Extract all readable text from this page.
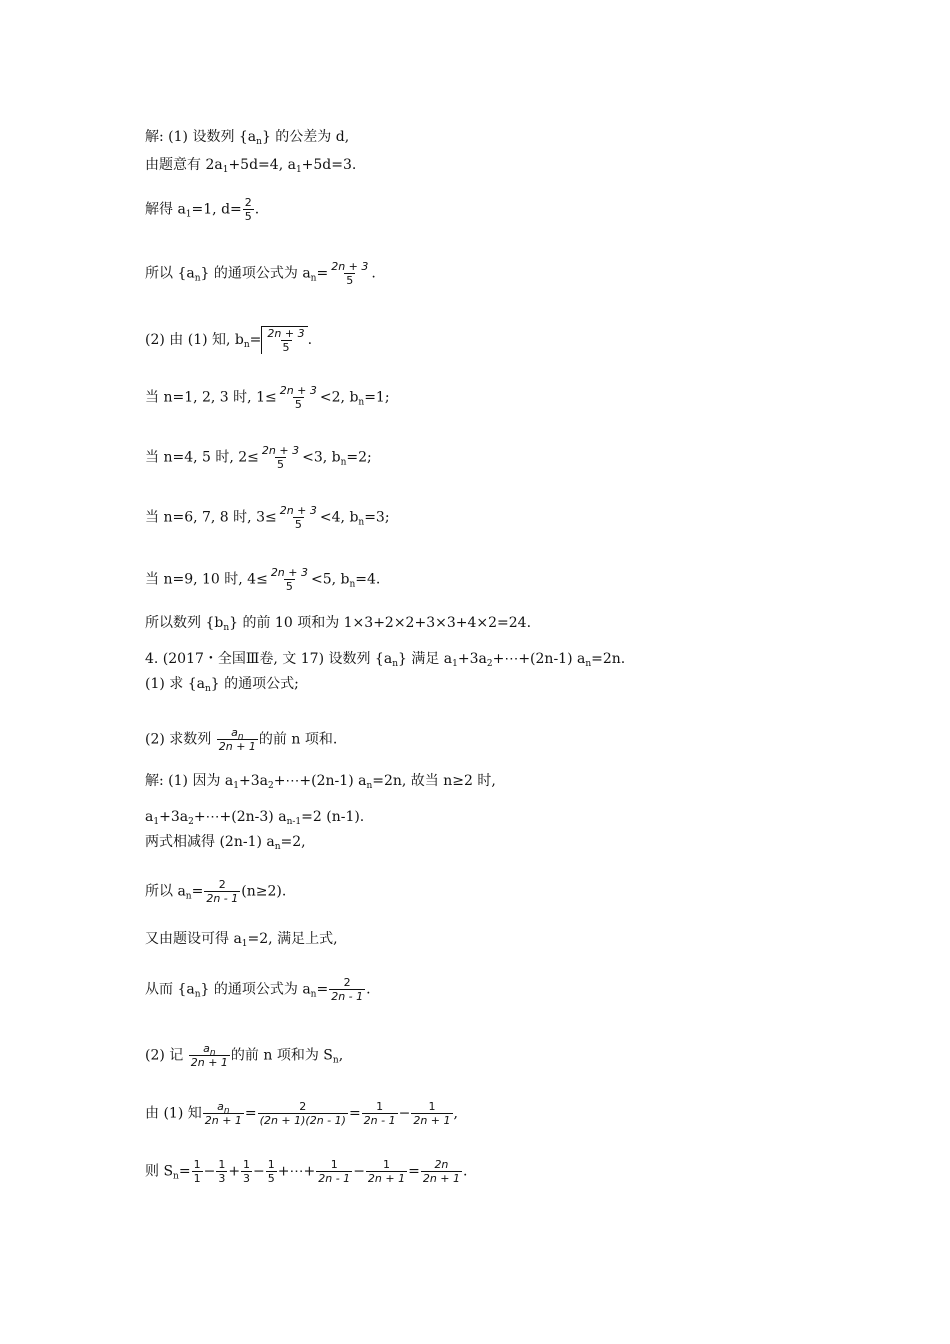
解: (1) 设数列 $\{a_n\}$ 的公差为 d,
由题意有 $2a_1+5d=4$, $a_1+5d=3$.
解得 $a_1=1$, $d= \frac{2}{5}$ .
所以 $\{a_n\}$ 的通项公式为 $a_n= \frac{2n + 3}{5}$ .
(2) 由 (1) 知, $b_n= \frac{2n + 3}{5}$ .
当 n=1, 2, 3 时, $1\le \frac{2n + 3}{5} <2$, $b_n=1$;
当 n=4, 5 时, $2\le \frac{2n + 3}{5} <3$, $b_n=2$;
当 n=6, 7, 8 时, $3\le \frac{2n + 3}{5} <4$, $b_n=3$;
当 n=9, 10 时, $4\le \frac{2n + 3}{5} <5$, $b_n=4$.
所以数列 $\{b_n\}$ 的前 10 项和为 1×3+2×2+3×3+4×2=24.
4. (2017・全国Ⅲ卷, 文 17) 设数列 $\{a_n\}$ 满足 $a_1+3a_2+\cdots+(2n-1)$ $a_n=2n$.
(1) 求 $\{a_n\}$ 的通项公式;
(2) 求数列 $\frac{a_n}{2n + 1}$ 的前 n 项和.
解: (1) 因为 $a_1+3a_2+\cdots+(2n-1)$ $a_n=2n$, 故当 n≥2 时,
$a_1+3a_2+\cdots+(2n-3)$ $a_{n-1}=2$ (n-1).
两式相减得 (2n-1) $a_n=2$,
所以 $a_n= \frac{2}{2n - 1} (n\ge 2)$.
又由题设可得 $a_1=2$, 满足上式,
从而 $\{a_n\}$ 的通项公式为 $a_n= \frac{2}{2n - 1}$ .
(2) 记 $\frac{a_n}{2n + 1}$ 的前 n 项和为 $S_n$,
由 (1) 知 $\frac{a_n}{2n + 1} = \frac{2}{(2n + 1)(2n - 1)} = \frac{1}{2n - 1} - \frac{1}{2n + 1}$ ,
则 $S_n= \frac{1}{1} - \frac{1}{3} + \frac{1}{3} - \frac{1}{5}$ +⋯+ $\frac{1}{2n - 1} - \frac{1}{2n + 1} = \frac{2n}{2n + 1}$ .
